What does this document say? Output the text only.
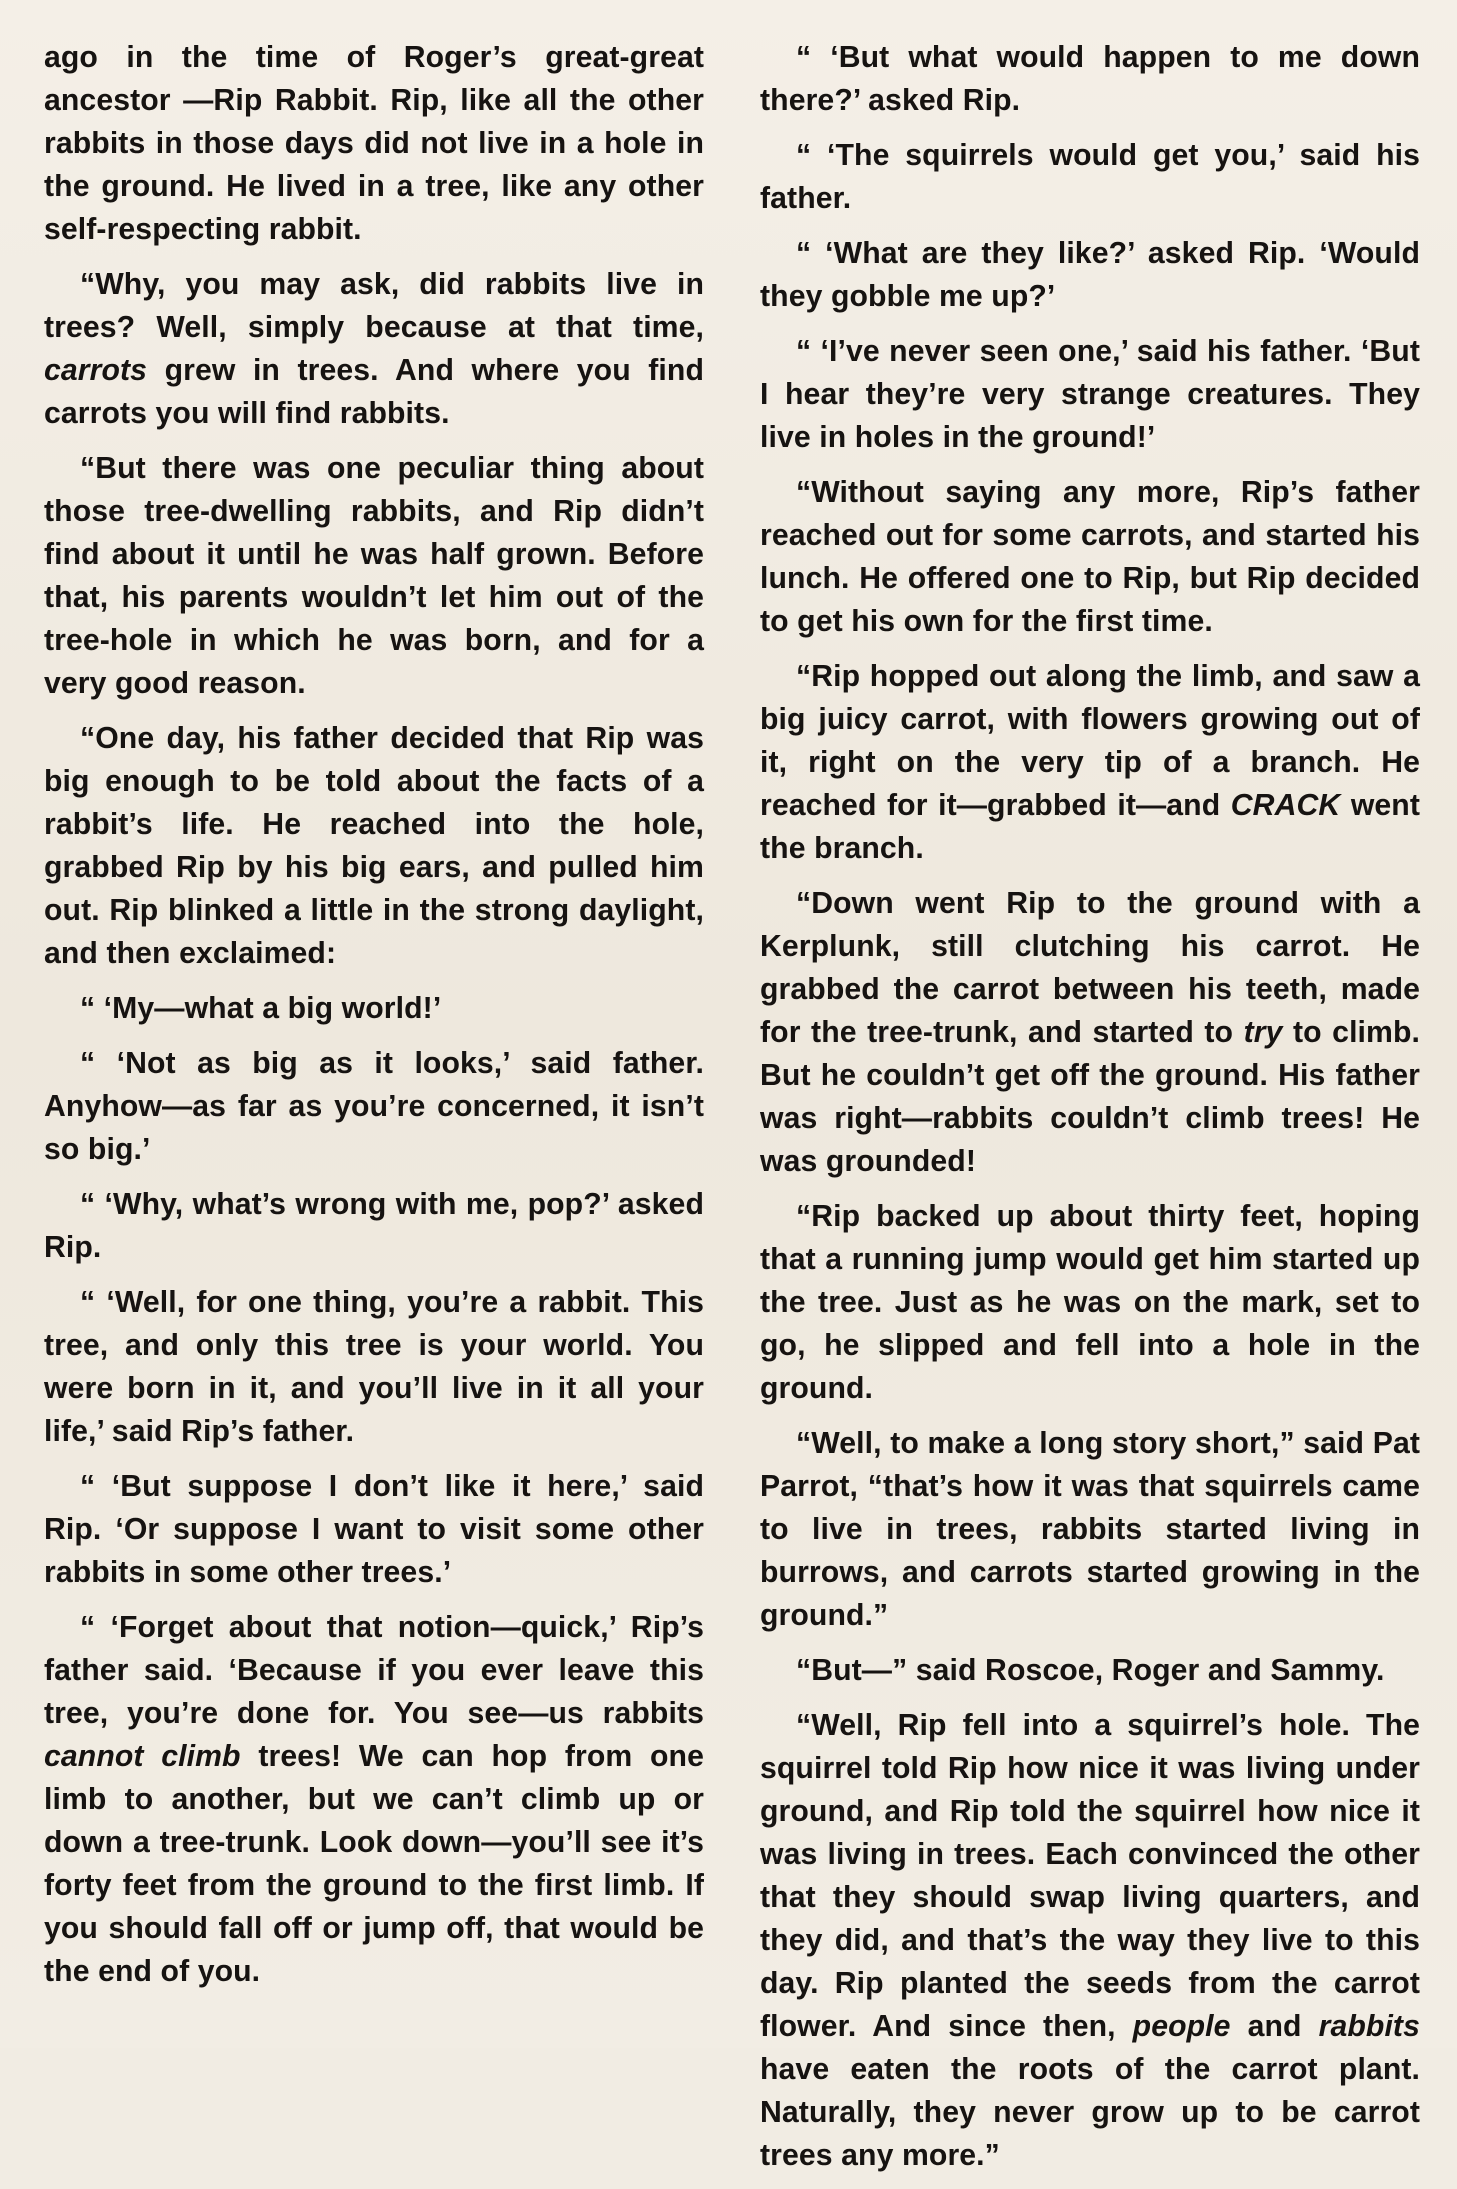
ago in the time of Roger’s great-great ancestor —Rip Rabbit. Rip, like all the other rabbits in those days did not live in a hole in the ground. He lived in a tree, like any other self-respecting rabbit.

“Why, you may ask, did rabbits live in trees? Well, simply because at that time, carrots grew in trees. And where you find carrots you will find rabbits.

“But there was one peculiar thing about those tree-dwelling rabbits, and Rip didn’t find about it until he was half grown. Before that, his parents wouldn’t let him out of the tree-hole in which he was born, and for a very good reason.

“One day, his father decided that Rip was big enough to be told about the facts of a rabbit’s life. He reached into the hole, grabbed Rip by his big ears, and pulled him out. Rip blinked a little in the strong daylight, and then exclaimed:

“ ‘My—what a big world!’

“ ‘Not as big as it looks,’ said father. Anyhow—as far as you’re concerned, it isn’t so big.’

“ ‘Why, what’s wrong with me, pop?’ asked Rip.

“ ‘Well, for one thing, you’re a rabbit. This tree, and only this tree is your world. You were born in it, and you’ll live in it all your life,’ said Rip’s father.

“ ‘But suppose I don’t like it here,’ said Rip. ‘Or suppose I want to visit some other rabbits in some other trees.’

“ ‘Forget about that notion—quick,’ Rip’s father said. ‘Because if you ever leave this tree, you’re done for. You see—us rabbits cannot climb trees! We can hop from one limb to another, but we can’t climb up or down a tree-trunk. Look down—you’ll see it’s forty feet from the ground to the first limb. If you should fall off or jump off, that would be the end of you.

“ ‘But what would happen to me down there?’ asked Rip.

“ ‘The squirrels would get you,’ said his father.

“ ‘What are they like?’ asked Rip. ‘Would they gobble me up?’

“ ‘I’ve never seen one,’ said his father. ‘But I hear they’re very strange creatures. They live in holes in the ground!’

“Without saying any more, Rip’s father reached out for some carrots, and started his lunch. He offered one to Rip, but Rip decided to get his own for the first time.

“Rip hopped out along the limb, and saw a big juicy carrot, with flowers growing out of it, right on the very tip of a branch. He reached for it—grabbed it—and CRACK went the branch.

“Down went Rip to the ground with a Kerplunk, still clutching his carrot. He grabbed the carrot between his teeth, made for the tree-trunk, and started to try to climb. But he couldn’t get off the ground. His father was right—rabbits couldn’t climb trees! He was grounded!

“Rip backed up about thirty feet, hoping that a running jump would get him started up the tree. Just as he was on the mark, set to go, he slipped and fell into a hole in the ground.

“Well, to make a long story short,” said Pat Parrot, “that’s how it was that squirrels came to live in trees, rabbits started living in burrows, and carrots started growing in the ground.”

“But—” said Roscoe, Roger and Sammy.

“Well, Rip fell into a squirrel’s hole. The squirrel told Rip how nice it was living under ground, and Rip told the squirrel how nice it was living in trees. Each convinced the other that they should swap living quarters, and they did, and that’s the way they live to this day. Rip planted the seeds from the carrot flower. And since then, people and rabbits have eaten the roots of the carrot plant. Naturally, they never grow up to be carrot trees any more.”
